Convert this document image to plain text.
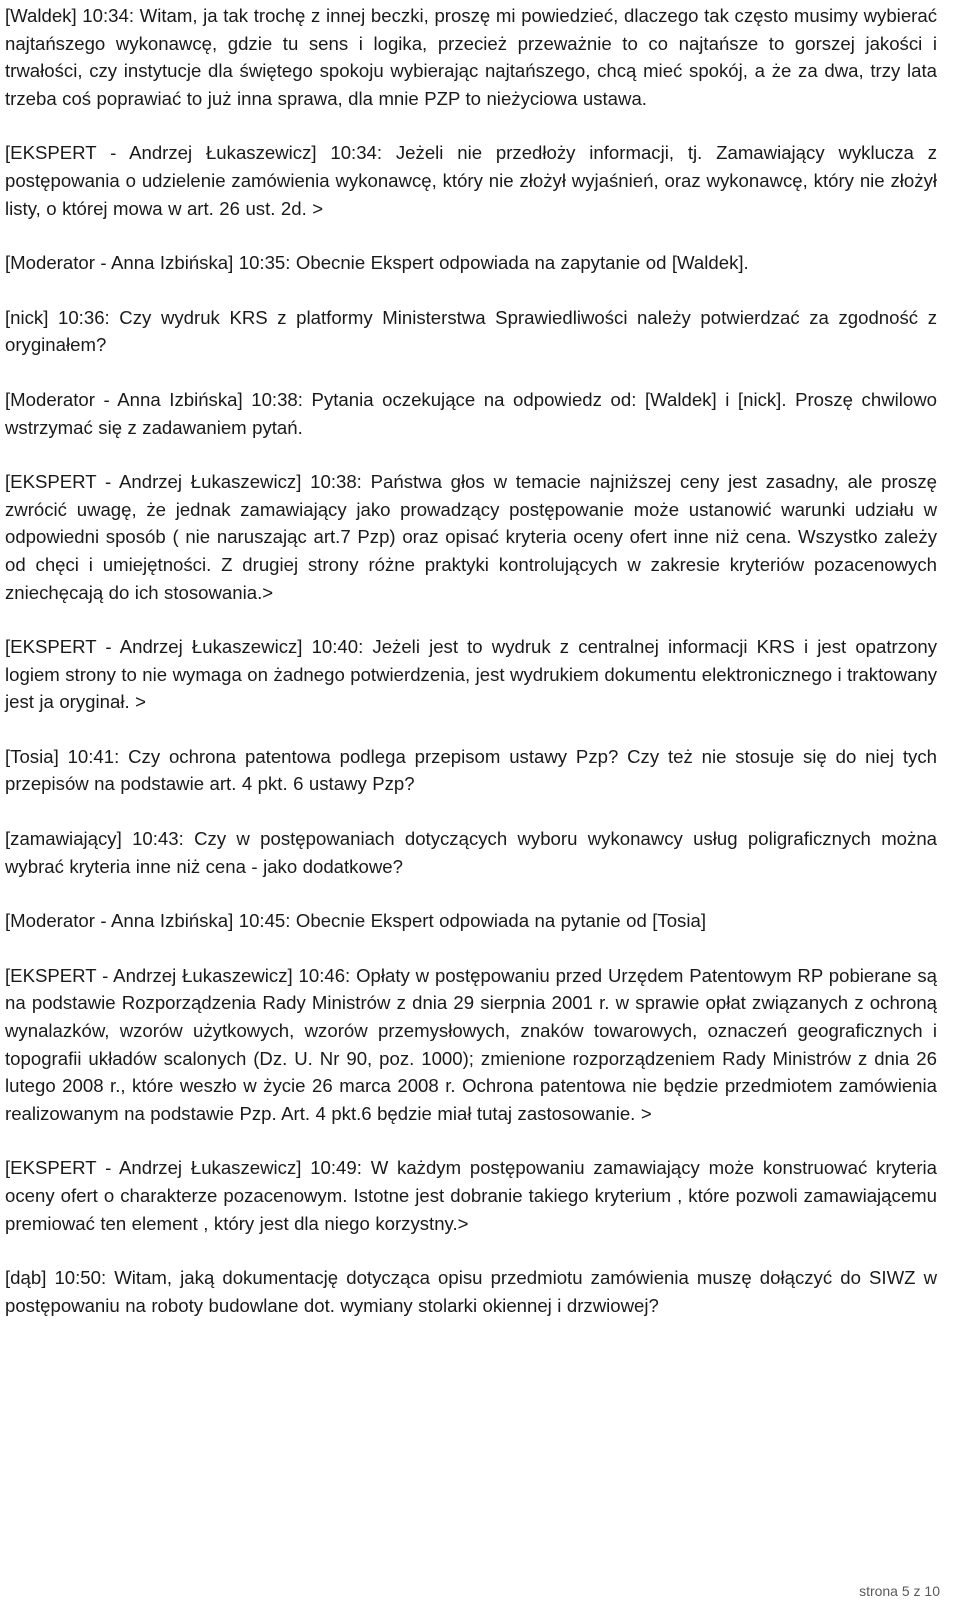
[Waldek] 10:34: Witam, ja tak trochę z innej beczki, proszę mi powiedzieć, dlaczego tak często musimy wybierać najtańszego wykonawcę, gdzie tu sens i logika, przecież przeważnie to co najtańsze to gorszej jakości i trwałości, czy instytucje dla świętego spokoju wybierając najtańszego, chcą mieć spokój, a że za dwa, trzy lata trzeba coś poprawiać to już inna sprawa, dla mnie PZP to nieżyciowa ustawa.

[EKSPERT - Andrzej Łukaszewicz] 10:34: Jeżeli nie przedłoży informacji, tj. Zamawiający wyklucza z postępowania o udzielenie zamówienia wykonawcę, który nie złożył wyjaśnień, oraz wykonawcę, który nie złożył listy, o której mowa w art. 26 ust. 2d. >

[Moderator - Anna Izbińska] 10:35: Obecnie Ekspert odpowiada na zapytanie od [Waldek].

[nick] 10:36: Czy wydruk KRS z platformy Ministerstwa Sprawiedliwości należy potwierdzać za zgodność z oryginałem?

[Moderator - Anna Izbińska] 10:38: Pytania oczekujące na odpowiedz od: [Waldek] i [nick]. Proszę chwilowo wstrzymać się z zadawaniem pytań.

[EKSPERT - Andrzej Łukaszewicz] 10:38: Państwa głos w temacie najniższej ceny jest zasadny, ale proszę zwrócić uwagę, że jednak zamawiający jako prowadzący postępowanie może ustanowić warunki udziału w odpowiedni sposób ( nie naruszając art.7 Pzp) oraz opisać kryteria oceny ofert inne niż cena. Wszystko zależy od chęci i umiejętności. Z drugiej strony różne praktyki kontrolujących w zakresie kryteriów pozacenowych zniechęcają do ich stosowania.>

[EKSPERT - Andrzej Łukaszewicz] 10:40: Jeżeli jest to wydruk z centralnej informacji KRS i jest opatrzony logiem strony to nie wymaga on żadnego potwierdzenia, jest wydrukiem dokumentu elektronicznego i traktowany jest ja oryginał. >

[Tosia] 10:41: Czy ochrona patentowa podlega przepisom ustawy Pzp? Czy też nie stosuje się do niej tych przepisów na podstawie art. 4 pkt. 6 ustawy Pzp?

[zamawiający] 10:43: Czy w postępowaniach dotyczących wyboru wykonawcy usług poligraficznych można wybrać kryteria inne niż cena - jako dodatkowe?

[Moderator - Anna Izbińska] 10:45: Obecnie Ekspert odpowiada na pytanie od [Tosia]

[EKSPERT - Andrzej Łukaszewicz] 10:46: Opłaty w postępowaniu przed Urzędem Patentowym RP pobierane są na podstawie Rozporządzenia Rady Ministrów z dnia 29 sierpnia 2001 r. w sprawie opłat związanych z ochroną wynalazków, wzorów użytkowych, wzorów przemysłowych, znaków towarowych, oznaczeń geograficznych i topografii układów scalonych (Dz. U. Nr 90, poz. 1000); zmienione rozporządzeniem Rady Ministrów z dnia 26 lutego 2008 r., które weszło w życie 26 marca 2008 r. Ochrona patentowa nie będzie przedmiotem zamówienia realizowanym na podstawie Pzp. Art. 4 pkt.6 będzie miał tutaj zastosowanie. >

[EKSPERT - Andrzej Łukaszewicz] 10:49: W każdym postępowaniu zamawiający może konstruować kryteria oceny ofert o charakterze pozacenowym. Istotne jest dobranie takiego kryterium , które pozwoli zamawiającemu premiować ten element , który jest dla niego korzystny.>

[dąb] 10:50: Witam, jaką dokumentację dotycząca opisu przedmiotu zamówienia muszę dołączyć do SIWZ w postępowaniu na roboty budowlane dot. wymiany stolarki okiennej i drzwiowej?

strona 5 z 10
